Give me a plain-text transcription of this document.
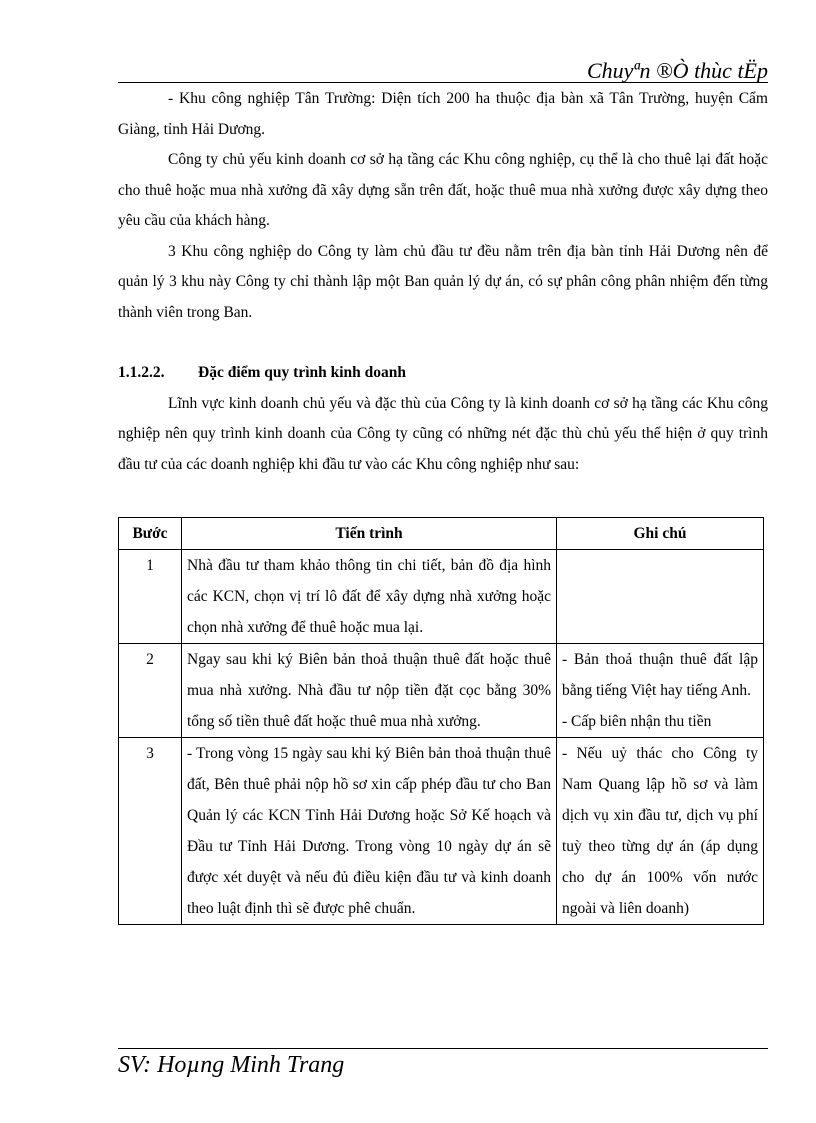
Chuyªn ®Ò thùc tËp

- Khu công nghiệp Tân Trường: Diện tích 200 ha thuộc địa bàn xã Tân Trường, huyện Cẩm Giàng, tỉnh Hải Dương.

Công ty chủ yếu kinh doanh cơ sở hạ tầng các Khu công nghiệp, cụ thể là cho thuê lại đất hoặc cho thuê hoặc mua nhà xưởng đã xây dựng sẵn trên đất, hoặc thuê mua nhà xưởng được xây dựng theo yêu cầu của khách hàng.

3 Khu công nghiệp do Công ty làm chủ đầu tư đều nằm trên địa bàn tỉnh Hải Dương nên để quản lý 3 khu này Công ty chỉ thành lập một Ban quản lý dự án, có sự phân công phân nhiệm đến từng thành viên trong Ban.

1.1.2.2. Đặc điểm quy trình kinh doanh

Lĩnh vực kinh doanh chủ yếu và đặc thù của Công ty là kinh doanh cơ sở hạ tầng các Khu công nghiệp nên quy trình kinh doanh của Công ty cũng có những nét đặc thù chủ yếu thể hiện ở quy trình đầu tư của các doanh nghiệp khi đầu tư vào các Khu công nghiệp như sau:

Bước	Tiến trình	Ghi chú
1	Nhà đầu tư tham khảo thông tin chi tiết, bản đồ địa hình các KCN, chọn vị trí lô đất để xây dựng nhà xưởng hoặc chọn nhà xưởng để thuê hoặc mua lại.	

2	Ngay sau khi ký Biên bản thoả thuận thuê đất hoặc thuê mua nhà xưởng. Nhà đầu tư nộp tiền đặt cọc bằng 30% tổng số tiền thuê đất hoặc thuê mua nhà xưởng.	- Bản thoả thuận thuê đất lập bằng tiếng Việt hay tiếng Anh.
- Cấp biên nhận thu tiền

3	- Trong vòng 15 ngày sau khi ký Biên bản thoả thuận thuê đất, Bên thuê phải nộp hồ sơ xin cấp phép đầu tư cho Ban Quản lý các KCN Tỉnh Hải Dương hoặc Sở Kế hoạch và Đầu tư Tỉnh Hải Dương. Trong vòng 10 ngày dự án sẽ được xét duyệt và nếu đủ điều kiện đầu tư và kinh doanh theo luật định thì sẽ được phê chuẩn.	- Nếu uỷ thác cho Công ty Nam Quang lập hồ sơ và làm dịch vụ xin đầu tư, dịch vụ phí tuỳ theo từng dự án (áp dụng cho dự án 100% vốn nước ngoài và liên doanh)
SV: Hoµng Minh Trang
